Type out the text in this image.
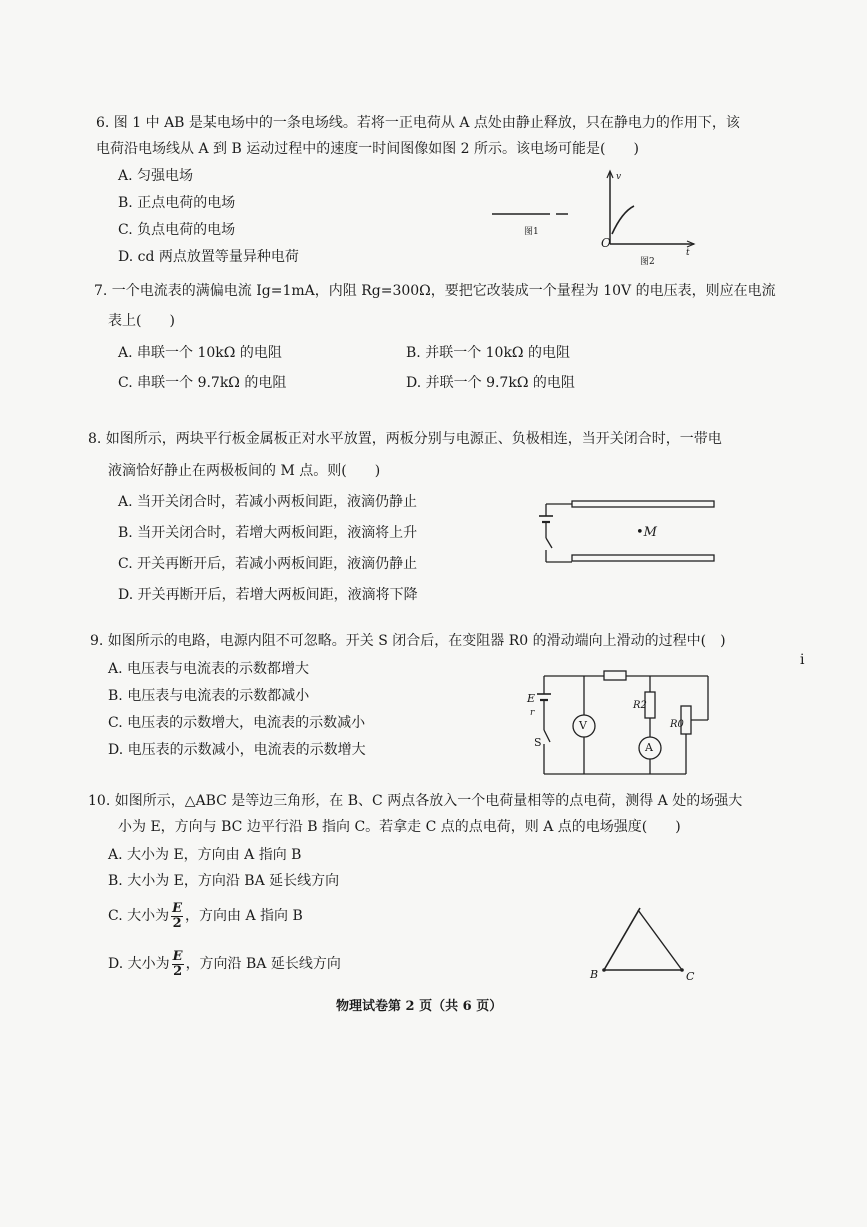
6. 图 1 中 AB 是某电场中的一条电场线。若将一正电荷从 A 点处由静止释放，只在静电力的作用下，该
电荷沿电场线从 A 到 B 运动过程中的速度一时间图像如图 2 所示。该电场可能是(　　)
A. 匀强电场
B. 正点电荷的电场
C. 负点电荷的电场
D. cd 两点放置等量异种电荷
图1
O
v
t
图2
7. 一个电流表的满偏电流 Ig=1mA，内阻 Rg=300Ω，要把它改装成一个量程为 10V 的电压表，则应在电流
表上(　　)
A. 串联一个 10kΩ 的电阻	B. 并联一个 10kΩ 的电阻
C. 串联一个 9.7kΩ 的电阻	D. 并联一个 9.7kΩ 的电阻
8. 如图所示，两块平行板金属板正对水平放置，两板分别与电源正、负极相连，当开关闭合时，一带电
液滴恰好静止在两极板间的 M 点。则(　　)
A. 当开关闭合时，若减小两板间距，液滴仍静止
B. 当开关闭合时，若增大两板间距，液滴将上升
C. 开关再断开后，若减小两板间距，液滴仍静止
D. 开关再断开后，若增大两板间距，液滴将下降
•M
9. 如图所示的电路，电源内阻不可忽略。开关 S 闭合后，在变阻器 R0 的滑动端向上滑动的过程中(　)
A. 电压表与电流表的示数都增大
B. 电压表与电流表的示数都减小
C. 电压表的示数增大，电流表的示数减小
D. 电压表的示数减小，电流表的示数增大
i
E
r
S
V
A
R2
R0
10. 如图所示，△ABC 是等边三角形，在 B、C 两点各放入一个电荷量相等的点电荷，测得 A 处的场强大
小为 E，方向与 BC 边平行沿 B 指向 C。若拿走 C 点的点电荷，则 A 点的电场强度(　　)
A. 大小为 E，方向由 A 指向 B
B. 大小为 E，方向沿 BA 延长线方向
C. 大小为 $\frac{E}{2}$ ，方向由 A 指向 B
D. 大小为 $\frac{E}{2}$ ，方向沿 BA 延长线方向
B	C
物理试卷第 2 页（共 6 页）
